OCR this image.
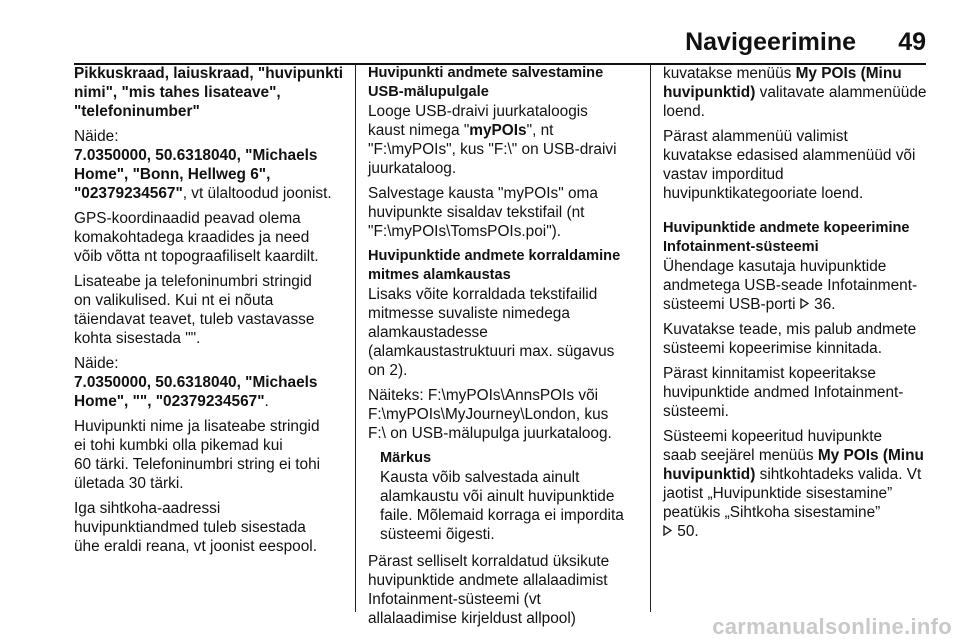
Navigeerimine 49

Pikkuskraad, laiuskraad, "huvipunkti
nimi", "mis tahes lisateave",
"telefoninumber"

Näide:
7.0350000, 50.6318040, "Michaels
Home", "Bonn, Hellweg 6",
"02379234567", vt ülaltoodud joonist.

GPS-koordinaadid peavad olema
komakohtadega kraadides ja need
võib võtta nt topograafiliselt kaardilt.

Lisateabe ja telefoninumbri stringid
on valikulised. Kui nt ei nõuta
täiendavat teavet, tuleb vastavasse
kohta sisestada "".

Näide:
7.0350000, 50.6318040, "Michaels
Home", "", "02379234567".

Huvipunkti nime ja lisateabe stringid
ei tohi kumbki olla pikemad kui
60 tärki. Telefoninumbri string ei tohi
ületada 30 tärki.

Iga sihtkoha-aadressi
huvipunktiandmed tuleb sisestada
ühe eraldi reana, vt joonist eespool.

Huvipunkti andmete salvestamine
USB-mälupulgale

Looge USB-draivi juurkataloogis
kaust nimega "myPOIs", nt
"F:\myPOIs", kus "F:\" on USB-draivi
juurkataloog.

Salvestage kausta "myPOIs" oma
huvipunkte sisaldav tekstifail (nt
"F:\myPOIs\TomsPOIs.poi").

Huvipunktide andmete korraldamine
mitmes alamkaustas

Lisaks võite korraldada tekstifailid
mitmesse suvaliste nimedega
alamkaustadesse
(alamkaustastruktuuri max. sügavus
on 2).

Näiteks: F:\myPOIs\AnnsPOIs või
F:\myPOIs\MyJourney\London, kus
F:\ on USB-mälupulga juurkataloog.

Märkus
Kausta võib salvestada ainult
alamkaustu või ainult huvipunktide
faile. Mõlemaid korraga ei impordita
süsteemi õigesti.

Pärast selliselt korraldatud üksikute
huvipunktide andmete allalaadimist
Infotainment-süsteemi (vt
allalaadimise kirjeldust allpool)

kuvatakse menüüs My POIs (Minu
huvipunktid) valitavate alammenüüde
loend.

Pärast alammenüü valimist
kuvatakse edasised alammenüüd või
vastav imporditud
huvipunktikategooriate loend.

Huvipunktide andmete kopeerimine
Infotainment-süsteemi

Ühendage kasutaja huvipunktide
andmetega USB-seade Infotainment-
süsteemi USB-porti  36.

Kuvatakse teade, mis palub andmete
süsteemi kopeerimise kinnitada.

Pärast kinnitamist kopeeritakse
huvipunktide andmed Infotainment-
süsteemi.

Süsteemi kopeeritud huvipunkte
saab seejärel menüüs My POIs (Minu
huvipunktid) sihtkohtadeks valida. Vt
jaotist „Huvipunktide sisestamine”
peatükis „Sihtkoha sisestamine”
50.

carmanualsonline.info
